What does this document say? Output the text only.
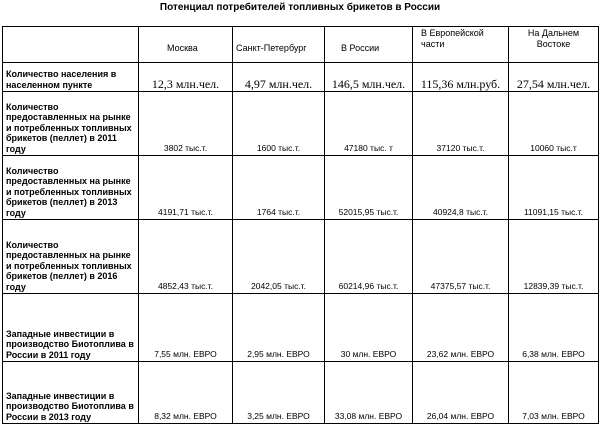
Потенциал потребителей топливных брикетов в России
	Москва	Санкт-Петербург	В России	В Европейской части	На Дальнем Востоке
Количество населения в населенном пункте	12,3 млн.чел.	4,97 млн.чел.	146,5 млн.чел.	115,36 млн.руб.	27,54 млн.чел.
Количество предоставленных на рынке и потребленных топливных брикетов (пеллет) в 2011 году	3802 тыс.т.	1600 тыс.т.	47180 тыс. т	37120 тыс.т.	10060 тыс.т
Количество предоставленных на рынке и потребленных топливных брикетов (пеллет) в 2013 году	4191,71 тыс.т.	1764 тыс.т.	52015,95 тыс.т.	40924,8 тыс.т.	11091,15 тыс.т.
Количество предоставленных на рынке и потребленных топливных брикетов (пеллет) в 2016 году	4852,43 тыс.т.	2042,05 тыс.т.	60214,96 тыс.т.	47375,57 тыс.т.	12839,39 тыс.т.
Западные инвестиции в производство Биотоплива в России в 2011 году	7,55 млн. ЕВРО	2,95 млн. ЕВРО	30 млн. ЕВРО	23,62 млн. ЕВРО	6,38 млн. ЕВРО
Западные инвестиции в производство Биотоплива в России в 2013 году	8,32 млн. ЕВРО	3,25 млн. ЕВРО	33,08 млн. ЕВРО	26,04 млн. ЕВРО	7,03 млн. ЕВРО
